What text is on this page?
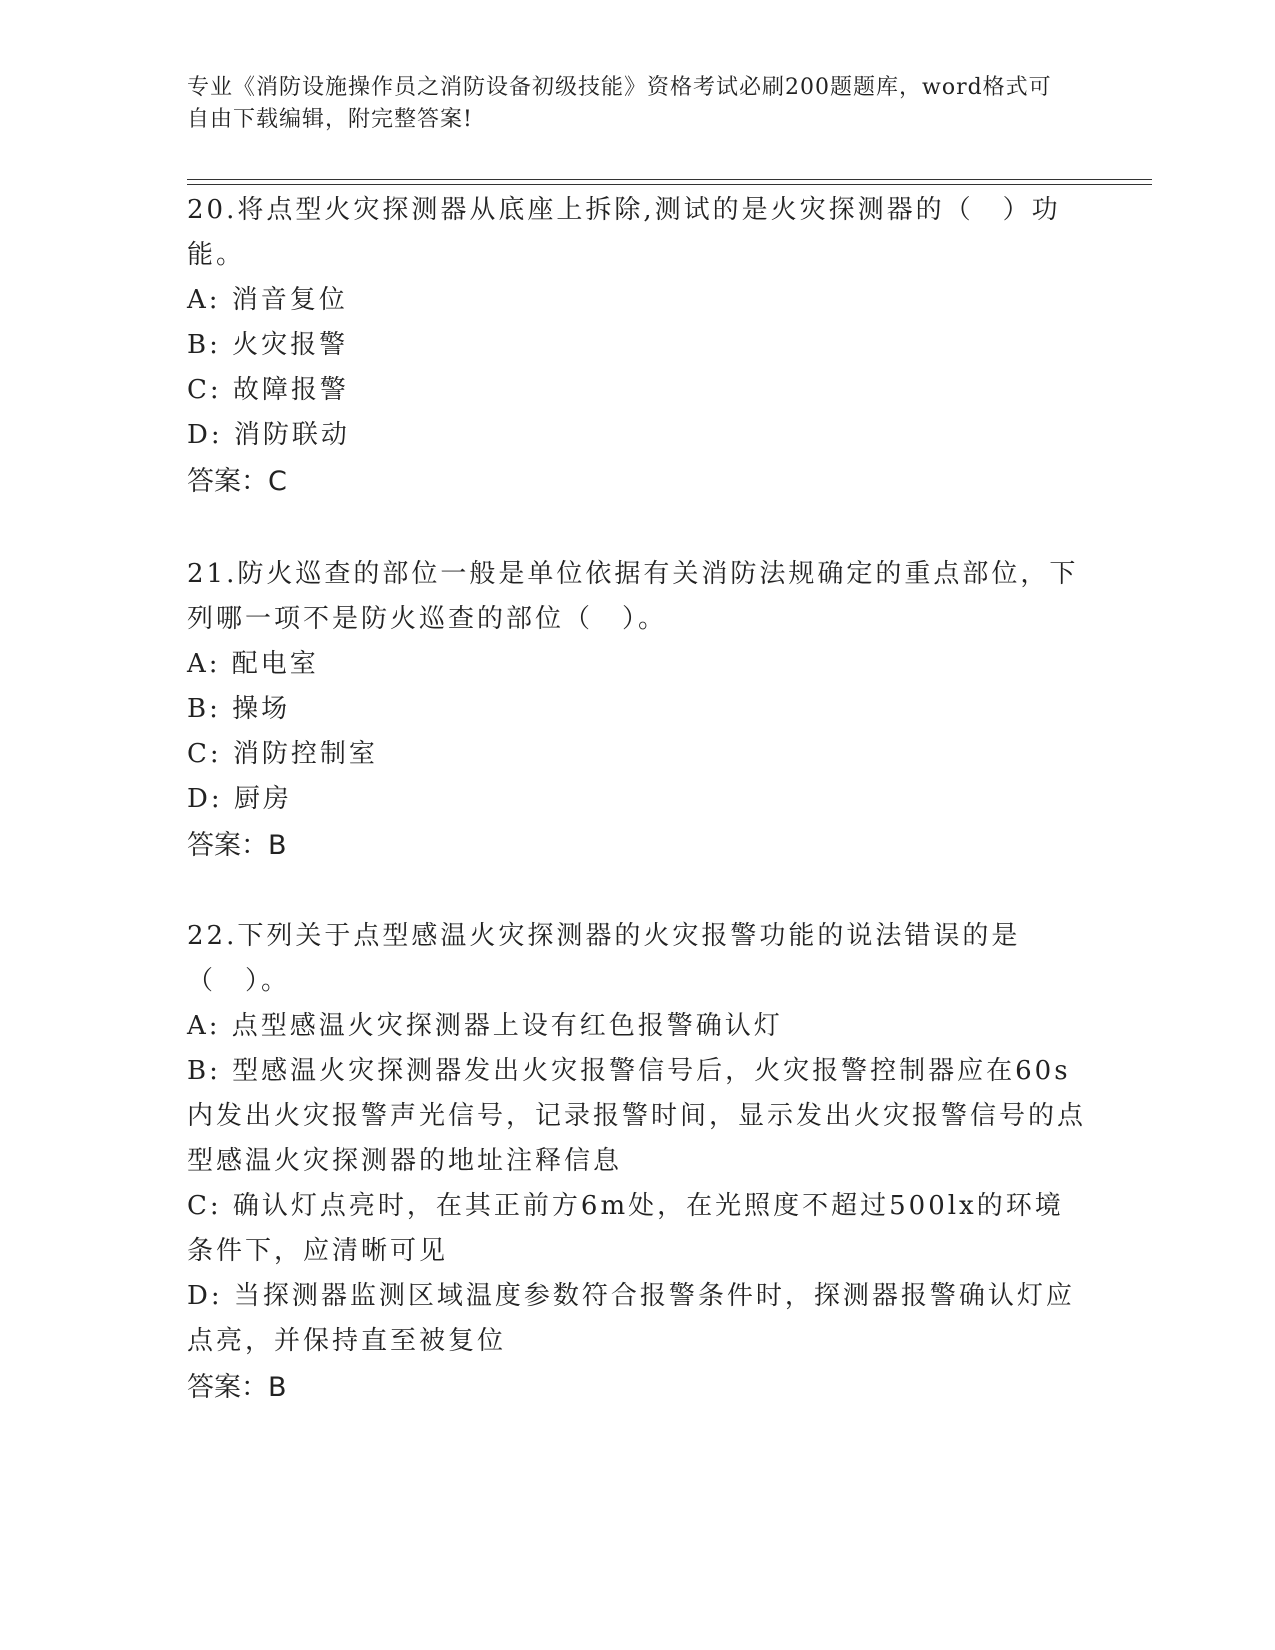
专业《消防设施操作员之消防设备初级技能》资格考试必刷200题题库，word格式可自由下载编辑，附完整答案!
20.将点型火灾探测器从底座上拆除,测试的是火灾探测器的（　）功能。
A: 消音复位
B: 火灾报警
C: 故障报警
D: 消防联动
答案：C
21.防火巡查的部位一般是单位依据有关消防法规确定的重点部位，下列哪一项不是防火巡查的部位（　）。
A: 配电室
B: 操场
C: 消防控制室
D: 厨房
答案：B
22.下列关于点型感温火灾探测器的火灾报警功能的说法错误的是（　）。
A: 点型感温火灾探测器上设有红色报警确认灯
B: 型感温火灾探测器发出火灾报警信号后，火灾报警控制器应在60s内发出火灾报警声光信号，记录报警时间，显示发出火灾报警信号的点型感温火灾探测器的地址注释信息
C: 确认灯点亮时，在其正前方6m处，在光照度不超过500lx的环境条件下，应清晰可见
D: 当探测器监测区域温度参数符合报警条件时，探测器报警确认灯应点亮，并保持直至被复位
答案：B
